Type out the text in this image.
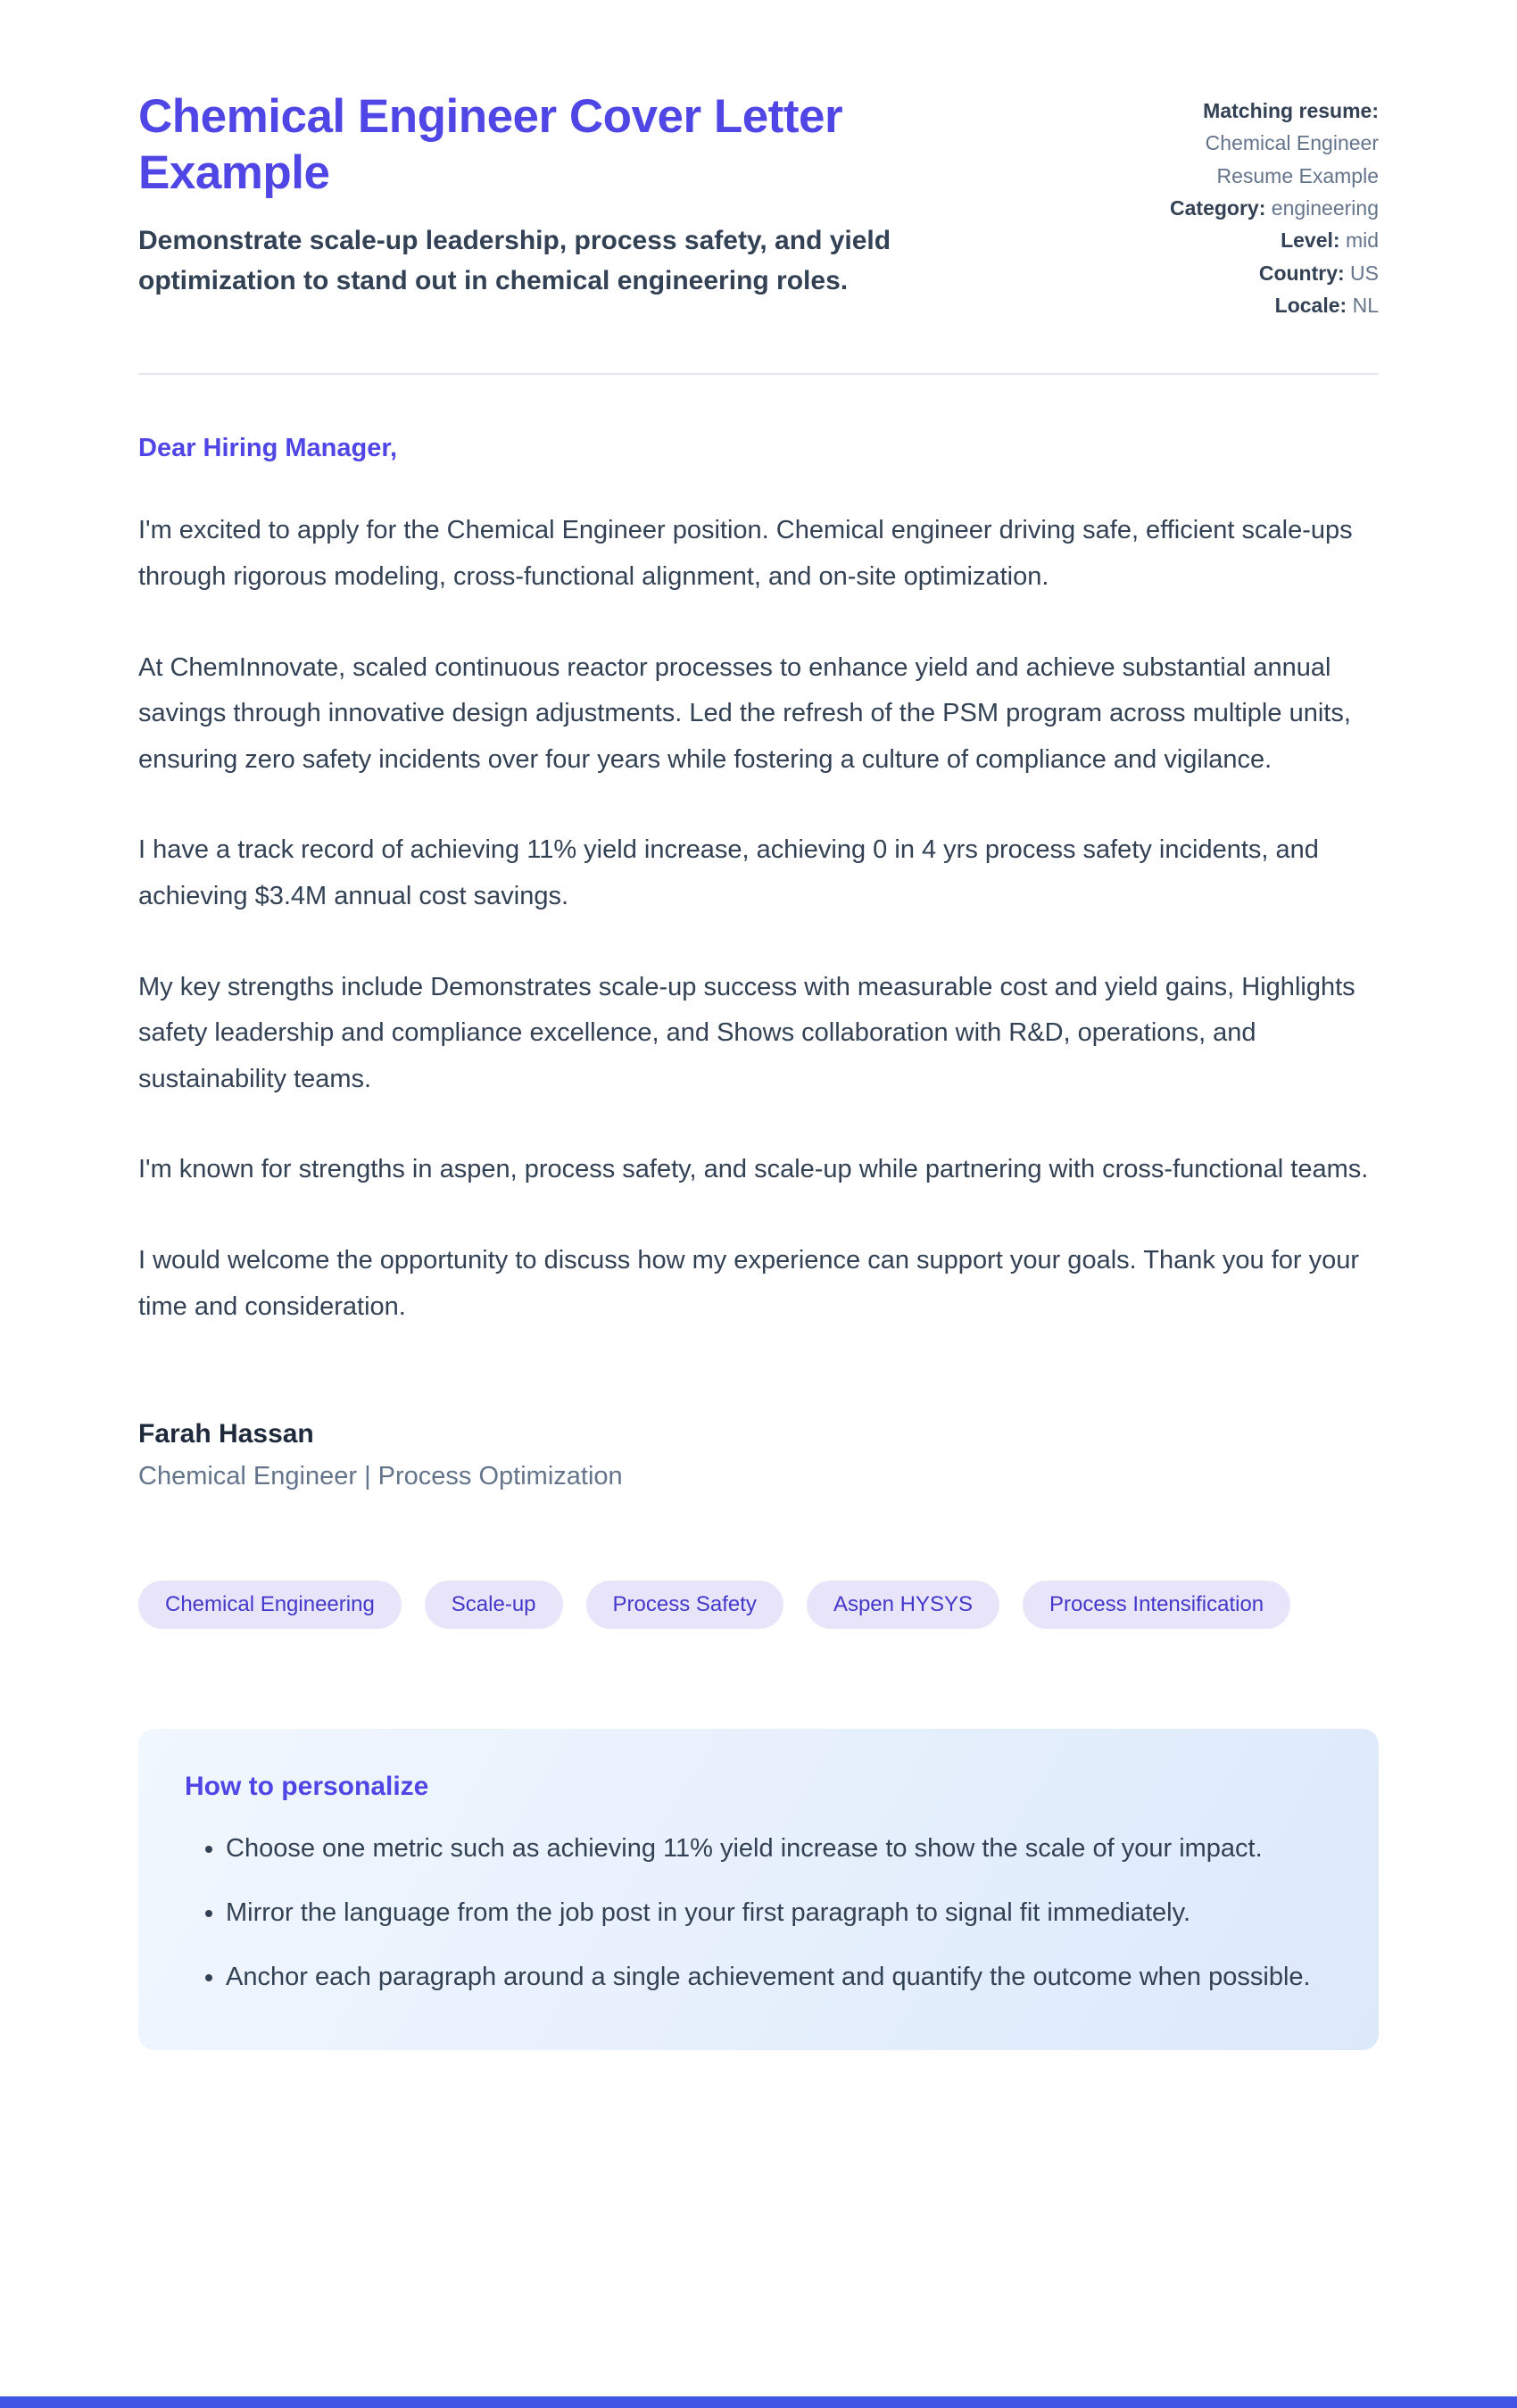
Chemical Engineer Cover Letter Example

Demonstrate scale-up leadership, process safety, and yield optimization to stand out in chemical engineering roles.

Matching resume: Chemical Engineer Resume Example
Category: engineering
Level: mid
Country: US
Locale: NL

Dear Hiring Manager,

I'm excited to apply for the Chemical Engineer position. Chemical engineer driving safe, efficient scale-ups through rigorous modeling, cross-functional alignment, and on-site optimization.

At ChemInnovate, scaled continuous reactor processes to enhance yield and achieve substantial annual savings through innovative design adjustments. Led the refresh of the PSM program across multiple units, ensuring zero safety incidents over four years while fostering a culture of compliance and vigilance.

I have a track record of achieving 11% yield increase, achieving 0 in 4 yrs process safety incidents, and achieving $3.4M annual cost savings.

My key strengths include Demonstrates scale-up success with measurable cost and yield gains, Highlights safety leadership and compliance excellence, and Shows collaboration with R&D, operations, and sustainability teams.

I'm known for strengths in aspen, process safety, and scale-up while partnering with cross-functional teams.

I would welcome the opportunity to discuss how my experience can support your goals. Thank you for your time and consideration.

Farah Hassan

Chemical Engineer | Process Optimization

Chemical Engineering	Scale-up	Process Safety	Aspen HYSYS	Process Intensification
How to personalize
• Choose one metric such as achieving 11% yield increase to show the scale of your impact.
• Mirror the language from the job post in your first paragraph to signal fit immediately.
• Anchor each paragraph around a single achievement and quantify the outcome when possible.
